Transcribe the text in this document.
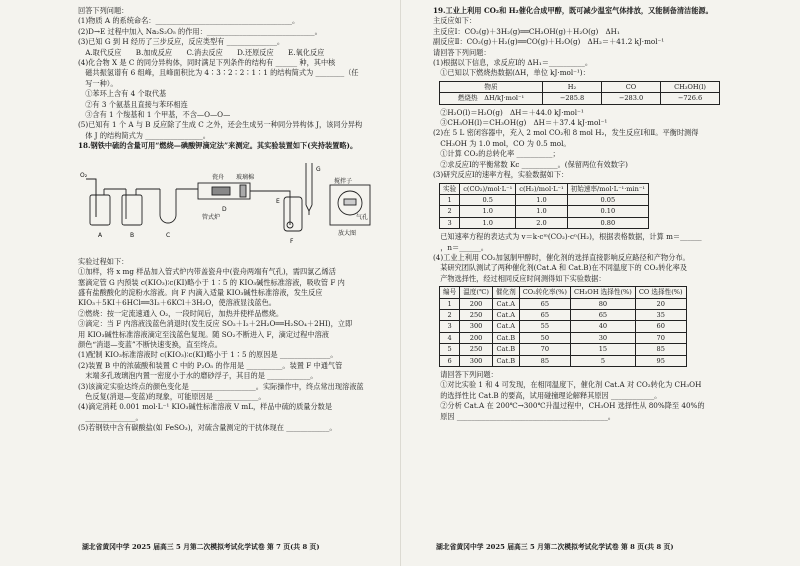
回答下列问题：
(1)物质 A 的系统命名：______________________________________。
(2)D→E 过程中加入 Na₂S₂O₅ 的作用：______________________________。
(3)已知 G 到 H 经历了三步反应，反应类型有 ______________。
　A.取代反应　　B.加成反应　　C.消去反应　　D.还原反应　　E.氧化反应
(4)化合物 X 是 C 的同分异构体，同时满足下列条件的结构有 ______ 种，其中核
　磁共振氢谱有 6 组峰，且峰面积比为 4∶3∶2∶2∶1∶1 的结构简式为 ________（任
　写一种）。
　①苯环上含有 4 个取代基
　②有 3 个氨基且直接与苯环相连
　③含有 1 个羧基和 1 个甲基，不含—O—O—
(5)已知有 1 个 A 与 B 反应除了生成 C 之外，还会生成另一种同分异构体 J，该同分异构
　体 J 的结构简式为 ________________。
18.钢铁中硫的含量可用“燃烧—碘酸钾滴定法”来测定。其实验装置如下(夹持装置略)。
O₂
A	B	C
D
E
F
G
瓷舟 玻璃棉
管式炉
搅拌子
气孔
放大图
实验过程如下：
①加样，将 x mg 样品加入管式炉内带盖瓷舟中(瓷舟两端有气孔)，需四氯乙烯活
塞滴定管 G 内预装 c(KIO₃)∶c(KI)略小于 1∶5 的 KIO₃碱性标准溶液，吸收管 F 内
盛有盐酸酸化的淀粉水溶液。向 F 内滴入适量 KIO₃碱性标准溶液，发生反应
KIO₃＋5KI＋6HCl══3I₂＋6KCl＋3H₂O，使溶液显浅蓝色。
②燃烧：按一定流速通入 O₂，一段时间后，加热并使样品燃烧。
③滴定：当 F 内溶液浅蓝色消退时(发生反应 SO₂＋I₂＋2H₂O══H₂SO₄＋2HI)，立即
用 KIO₃碱性标准溶液滴定至浅蓝色复现。随 SO₂不断进入 F，滴定过程中溶液
颜色“消退—变蓝”不断快速变换，直至终点。
(1)配制 KIO₃标准溶液时 c(KIO₃)∶c(KI)略小于 1∶5 的原因是 ______________。
(2)装置 B 中的浓硫酸和装置 C 中的 P₂O₅ 的作用是 __________。装置 F 中通气管
　末端多孔玻璃泡内置一密度小于水的磨砂浮子，其目的是 ____________。
(3)该滴定实验达终点的颜色变化是 __________________。实际操作中，终点常出现溶液蓝
　色反复(消退—变蓝)的现象，可能原因是 ____________。
(4)滴定消耗 0.001 mol·L⁻¹ KIO₃碱性标准溶液 V mL，样品中硫的质量分数是
　______________。
(5)若钢铁中含有碳酸盐(如 FeSO₃)，对硫含量测定的干扰体现在 ____________。
湖北省黄冈中学 2025 届高三 5 月第二次模拟考试化学试卷 第 7 页(共 8 页)
19.工业上利用 CO₂和 H₂催化合成甲醇，既可减少温室气体排放，又能制备清洁能源。
主反应如下：
主反应Ⅰ：CO₂(g)＋3H₂(g)══CH₃OH(g)＋H₂O(g)　ΔH₁
副反应Ⅱ：CO₂(g)＋H₂(g)══CO(g)＋H₂O(g)　ΔH₂＝＋41.2 kJ·mol⁻¹
请回答下列问题：
(1)根据以下信息，求反应Ⅰ的 ΔH₁＝__________。
　①已知以下燃烧热数据(ΔH，单位 kJ·mol⁻¹)：
物质	H₂	CO	CH₃OH(l)
燃烧热　ΔH/kJ·mol⁻¹	−285.8	−283.0	−726.6
　②H₂O(l)＝H₂O(g)　ΔH＝＋44.0 kJ·mol⁻¹
　③CH₃OH(l)＝CH₃OH(g)　ΔH＝＋37.4 kJ·mol⁻¹
(2)在 5 L 密闭容器中，充入 2 mol CO₂和 8 mol H₂，发生反应Ⅰ和Ⅱ。平衡时测得
　CH₃OH 为 1.0 mol，CO 为 0.5 mol。
　①计算 CO₂的总转化率 __________；
　②求反应Ⅰ的平衡常数 Kc __________。(保留两位有效数字)
(3)研究反应Ⅰ的速率方程，实验数据如下：
实验	c(CO₂)/mol·L⁻¹	c(H₂)/mol·L⁻¹	初始速率/mol·L⁻¹·min⁻¹
1	0.5	1.0	0.05
2	1.0	1.0	0.10
3	1.0	2.0	0.80
　已知速率方程的表达式为 v＝k·cᵐ(CO₂)·cⁿ(H₂)，根据表格数据，计算 m＝______
　，n＝______。
(4)工业上利用 CO₂加氢制甲醇时，催化剂的选择直接影响反应路径和产物分布。
　某研究团队测试了两种催化剂(Cat.A 和 Cat.B)在不同温度下的 CO₂转化率及
　产物选择性，经过相同反应时间测得如下实验数据：
编号	温度(℃)	催化剂	CO₂转化率(%)	CH₃OH 选择性(%)	CO 选择性(%)
1	200	Cat.A	65	80	20
2	250	Cat.A	65	65	35
3	300	Cat.A	55	40	60
4	200	Cat.B	50	30	70
5	250	Cat.B	70	15	85
6	300	Cat.B	85	5	95
　请回答下列问题：
　①对比实验 1 和 4 可发现，在相同温度下，催化剂 Cat.A 对 CO₂转化为 CH₃OH
　的选择性比 Cat.B 的要高，试用碰撞理论解释其原因 ____________。
　②分析 Cat.A 在 200℃→300℃升温过程中，CH₃OH 选择性从 80%降至 40%的
　原因 __________________________________________。
湖北省黄冈中学 2025 届高三 5 月第二次模拟考试化学试卷 第 8 页(共 8 页)
